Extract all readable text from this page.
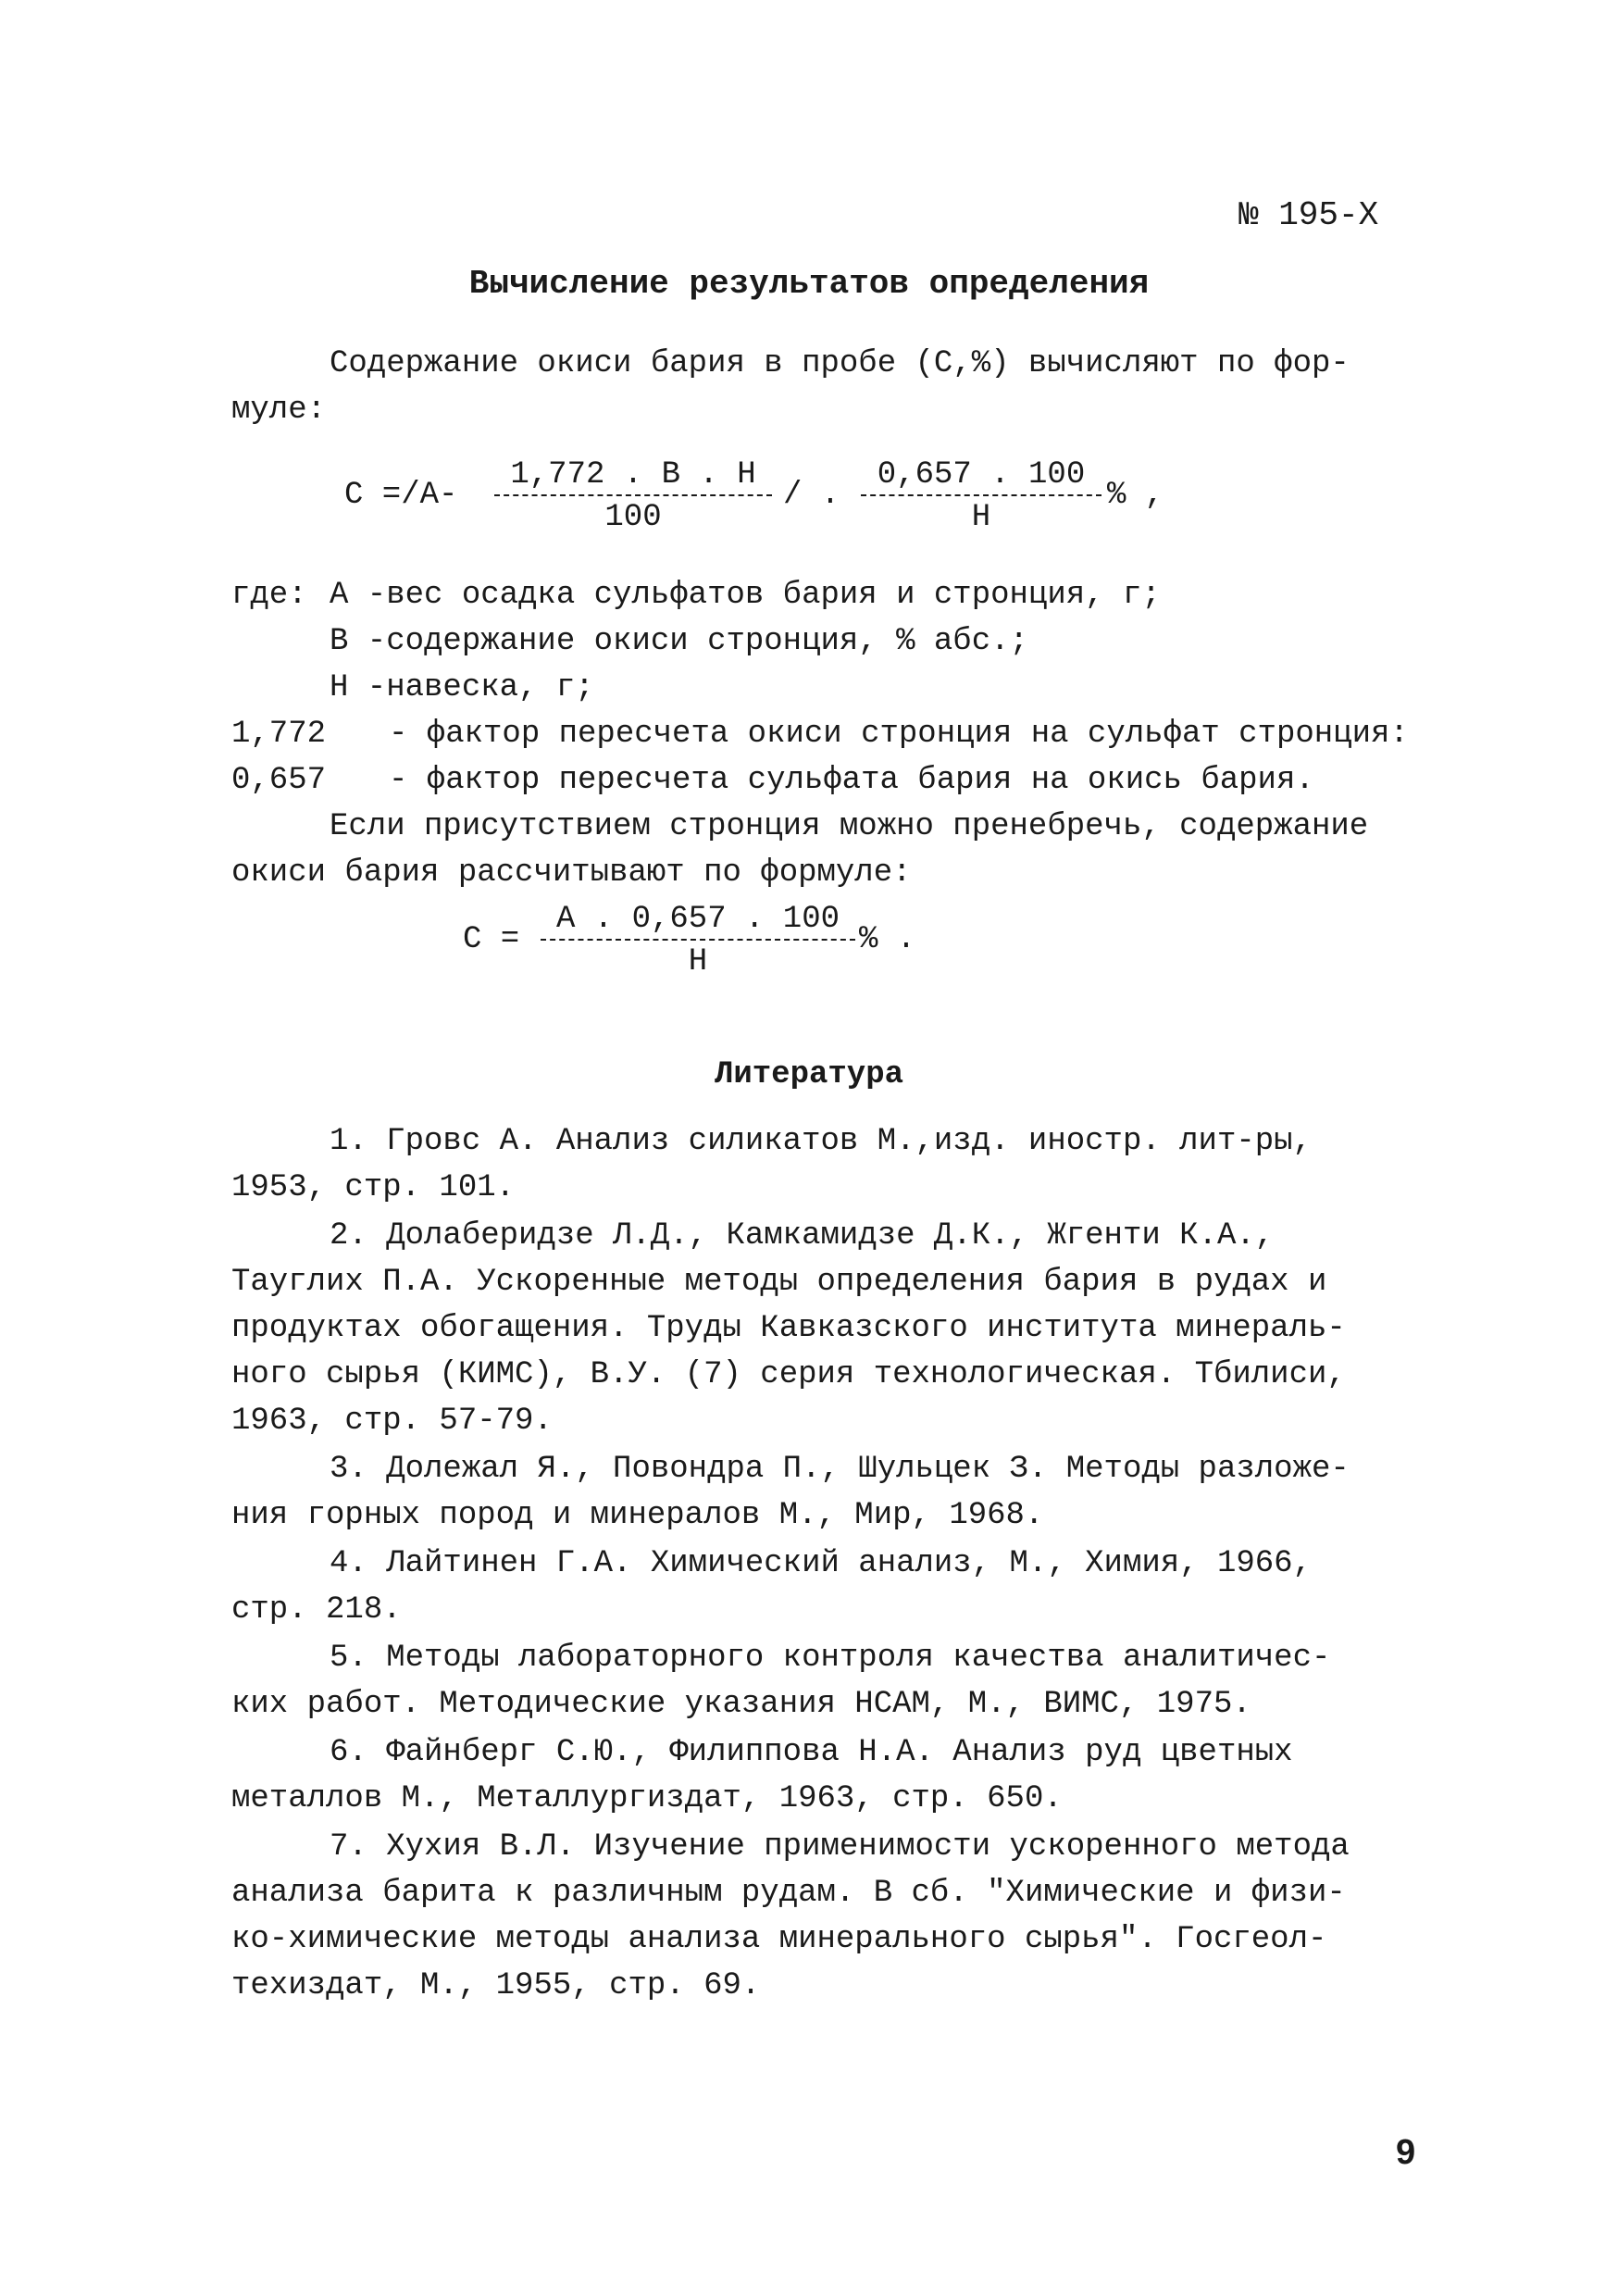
№ 195-Х
Вычисление результатов определения
Содержание окиси бария в пробе (С,%) вычисляют по фор-
муле:
С =/А-
1,772 . В . Н
100
/ .
0,657 . 100
Н
% ,
где: А -вес осадка сульфатов бария и стронция, г;
В -содержание окиси стронция, % абс.;
Н -навеска, г;
1,772 - фактор пересчета окиси стронция на сульфат стронция:
0,657 - фактор пересчета сульфата бария на окись бария.
Если присутствием стронция можно пренебречь, содержание
окиси бария рассчитывают по формуле:
С =
А . 0,657 . 100
Н
% .
Литература
1. Гровс А. Анализ силикатов М.,изд. иностр. лит-ры,
1953, стр. 101.
2. Долаберидзе Л.Д., Камкамидзе Д.К., Жгенти К.А.,
Тауглих П.А. Ускоренные методы определения бария в рудах и
продуктах обогащения. Труды Кавказского института минераль-
ного сырья (КИМС), В.У. (7) серия технологическая. Тбилиси,
1963, стр. 57-79.
3. Долежал Я., Повондра П., Шульцек З. Методы разложе-
ния горных пород и минералов М., Мир, 1968.
4. Лайтинен Г.А. Химический анализ, М., Химия, 1966,
стр. 218.
5. Методы лабораторного контроля качества аналитичес-
ких работ. Методические указания НСАМ, М., ВИМС, 1975.
6. Файнберг С.Ю., Филиппова Н.А. Анализ руд цветных
металлов М., Металлургиздат, 1963, стр. 650.
7. Хухия В.Л. Изучение применимости ускоренного метода
анализа барита к различным рудам. В сб. "Химические и физи-
ко-химические методы анализа минерального сырья". Госгеол-
техиздат, М., 1955, стр. 69.
9
